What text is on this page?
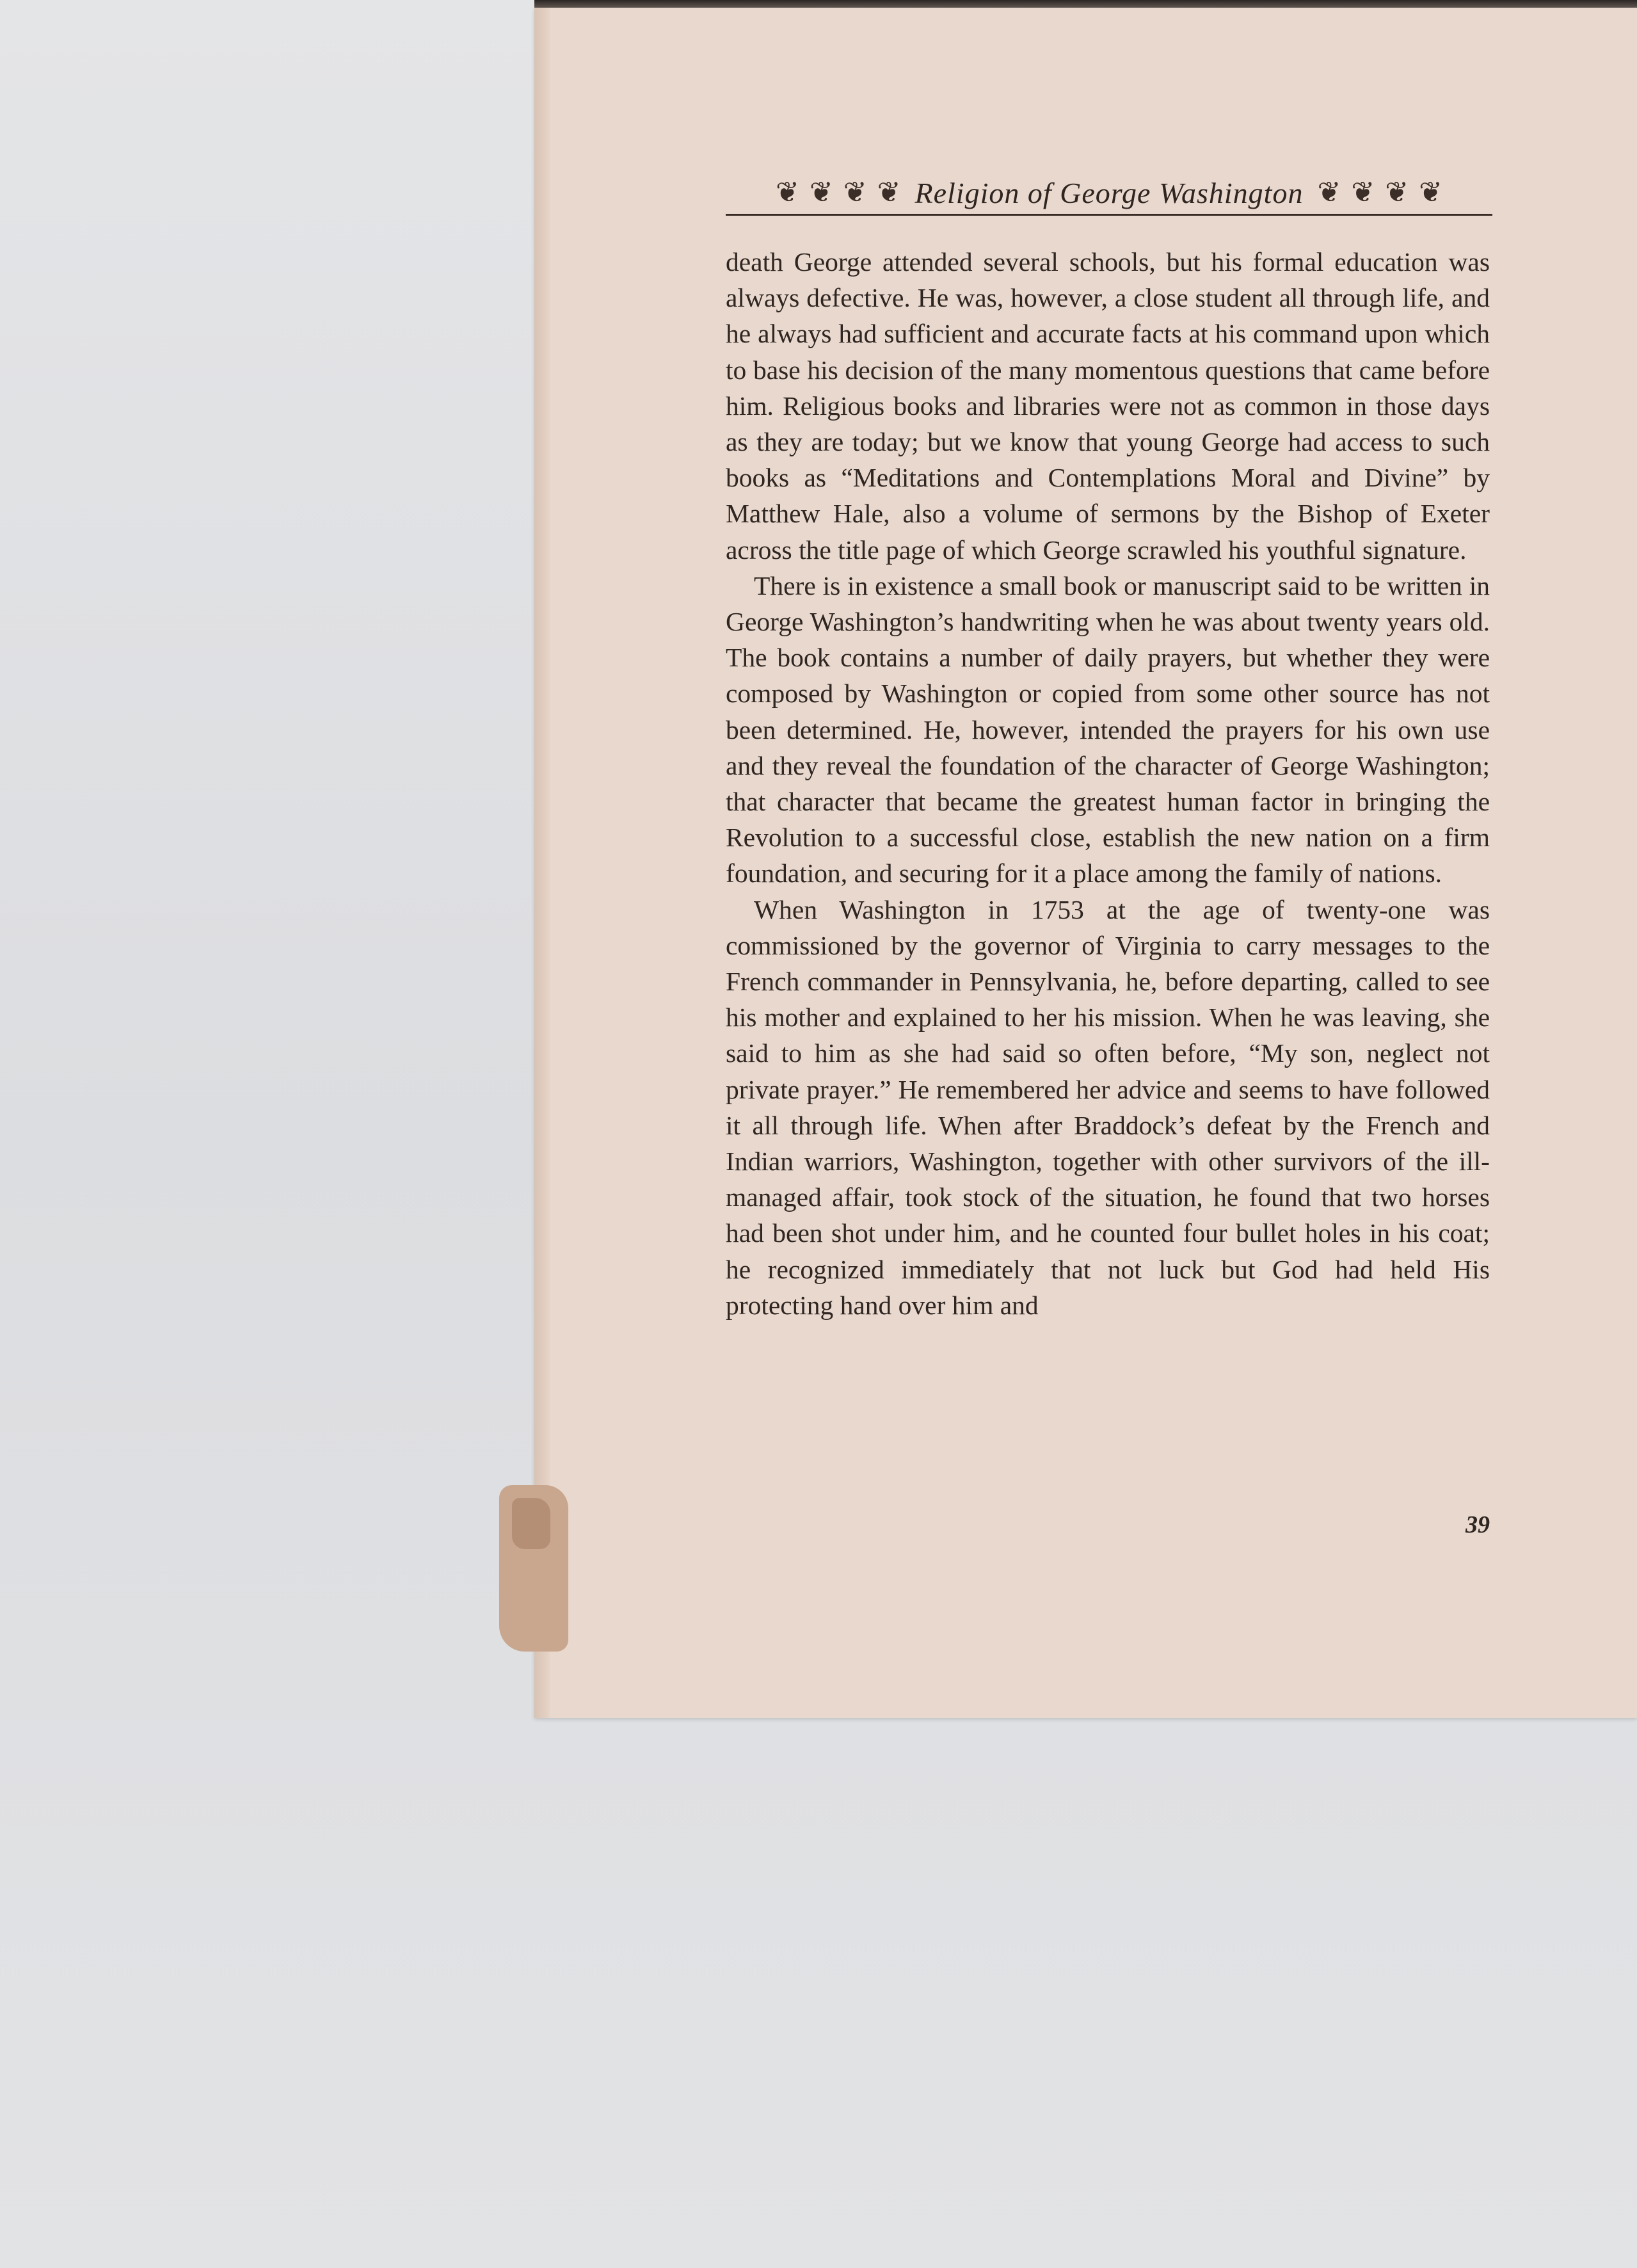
❦ ❦ ❦ ❦ Religion of George Washington ❦ ❦ ❦ ❦

death George attended several schools, but his formal education was always defective. He was, however, a close student all through life, and he always had sufficient and accurate facts at his command upon which to base his decision of the many momentous questions that came before him. Religious books and libraries were not as common in those days as they are today; but we know that young George had access to such books as “Meditations and Contemplations Moral and Divine” by Matthew Hale, also a volume of sermons by the Bishop of Exeter across the title page of which George scrawled his youthful signature.

There is in existence a small book or manuscript said to be written in George Washington’s handwriting when he was about twenty years old. The book contains a number of daily prayers, but whether they were composed by Washington or copied from some other source has not been determined. He, however, intended the prayers for his own use and they reveal the foundation of the character of George Washington; that character that became the greatest human factor in bringing the Revolution to a successful close, establish the new nation on a firm foundation, and securing for it a place among the family of nations.

When Washington in 1753 at the age of twenty-one was commissioned by the governor of Virginia to carry messages to the French commander in Pennsylvania, he, before departing, called to see his mother and explained to her his mission. When he was leaving, she said to him as she had said so often before, “My son, neglect not private prayer.” He remembered her advice and seems to have followed it all through life. When after Braddock’s defeat by the French and Indian warriors, Washington, together with other survivors of the ill-managed affair, took stock of the situation, he found that two horses had been shot under him, and he counted four bullet holes in his coat; he recognized immediately that not luck but God had held His protecting hand over him and

39
